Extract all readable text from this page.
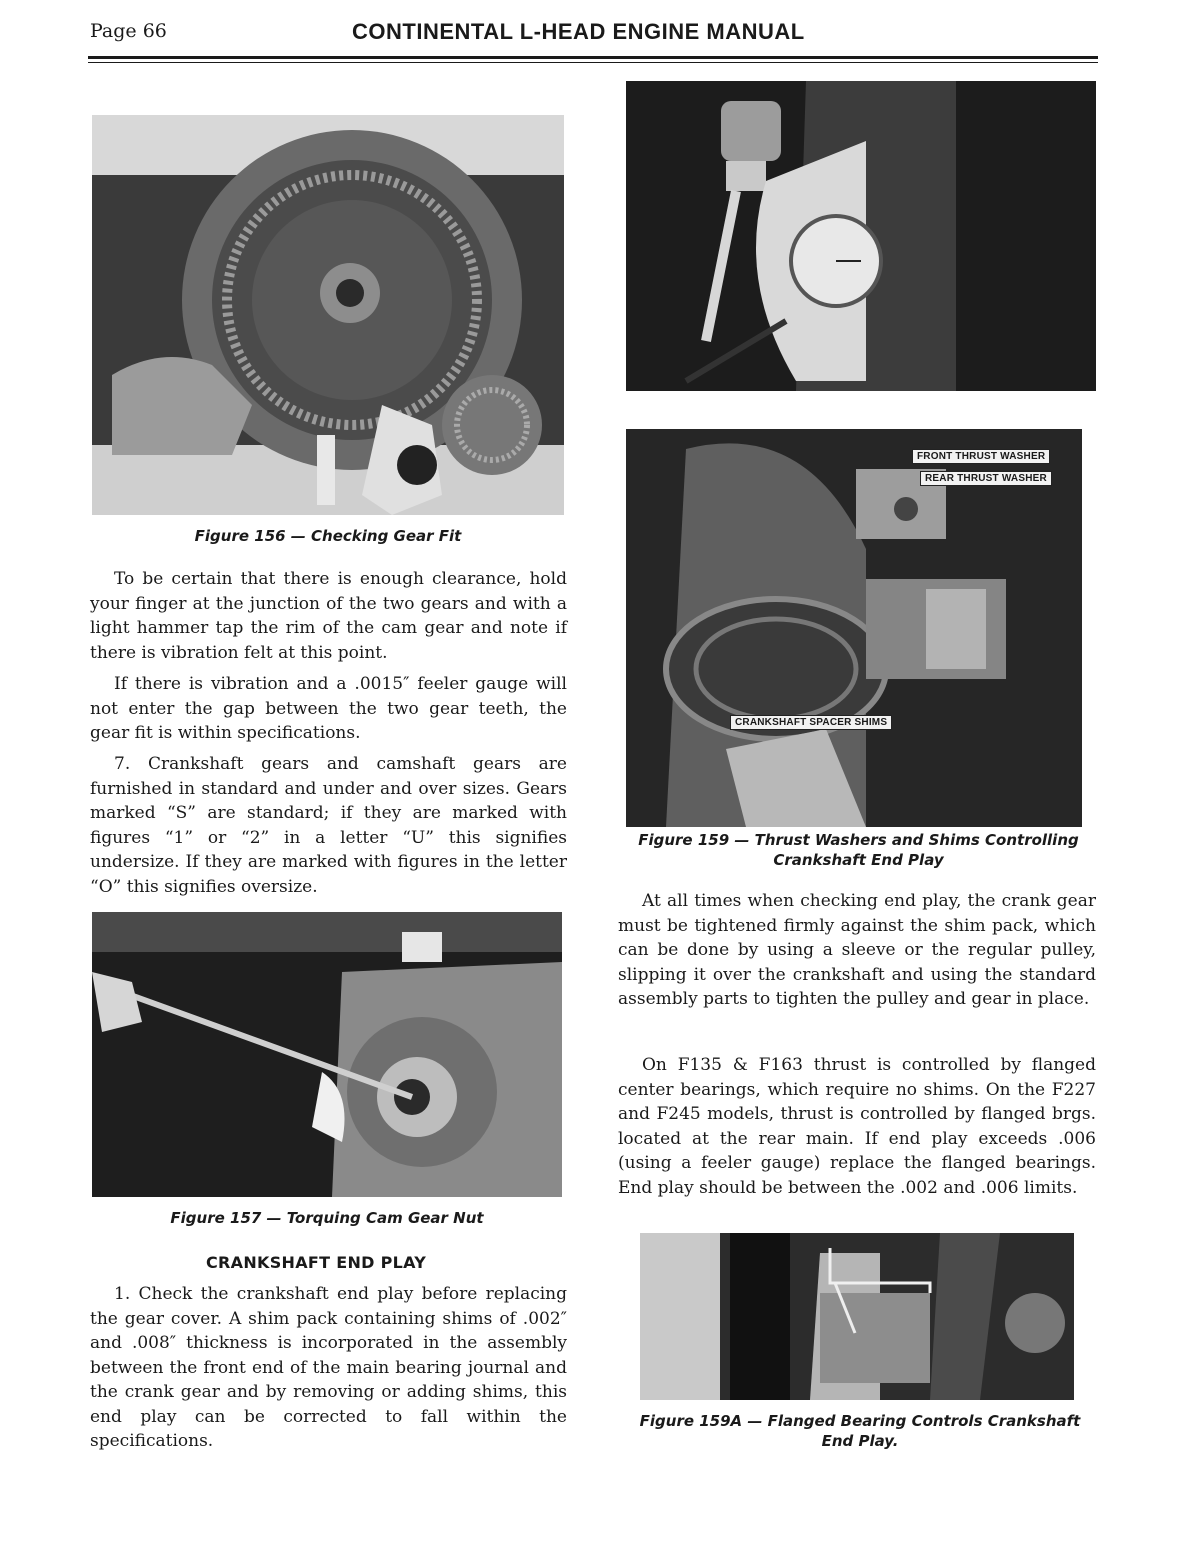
Page 66	CONTINENTAL L-HEAD ENGINE MANUAL
Figure 156 — Checking Gear Fit

To be certain that there is enough clearance, hold your finger at the junction of the two gears and with a light hammer tap the rim of the cam gear and note if there is vibration felt at this point.

If there is vibration and a .0015″ feeler gauge will not enter the gap between the two gear teeth, the gear fit is within specifications.

7. Crankshaft gears and camshaft gears are furnished in standard and under and over sizes. Gears marked “S” are standard; if they are marked with figures “1” or “2” in a letter “U” this signifies undersize. If they are marked with figures in the letter “O” this signifies oversize.

Figure 157 — Torquing Cam Gear Nut
CRANKSHAFT END PLAY

1. Check the crankshaft end play before replacing the gear cover. A shim pack containing shims of .002″ and .008″ thickness is incorporated in the assembly between the front end of the main bearing journal and the crank gear and by removing or adding shims, this end play can be corrected to fall within the specifications.

FRONT THRUST WASHER
REAR THRUST WASHER
CRANKSHAFT SPACER SHIMS
Figure 159 — Thrust Washers and Shims Controlling
Crankshaft End Play

At all times when checking end play, the crank gear must be tightened firmly against the shim pack, which can be done by using a sleeve or the regular pulley, slipping it over the crankshaft and using the standard assembly parts to tighten the pulley and gear in place.

On F135 & F163 thrust is controlled by flanged center bearings, which require no shims. On the F227 and F245 models, thrust is controlled by flanged brgs. located at the rear main. If end play exceeds .006 (using a feeler gauge) replace the flanged bearings. End play should be between the .002 and .006 limits.

Figure 159A — Flanged Bearing Controls Crankshaft
End Play.
